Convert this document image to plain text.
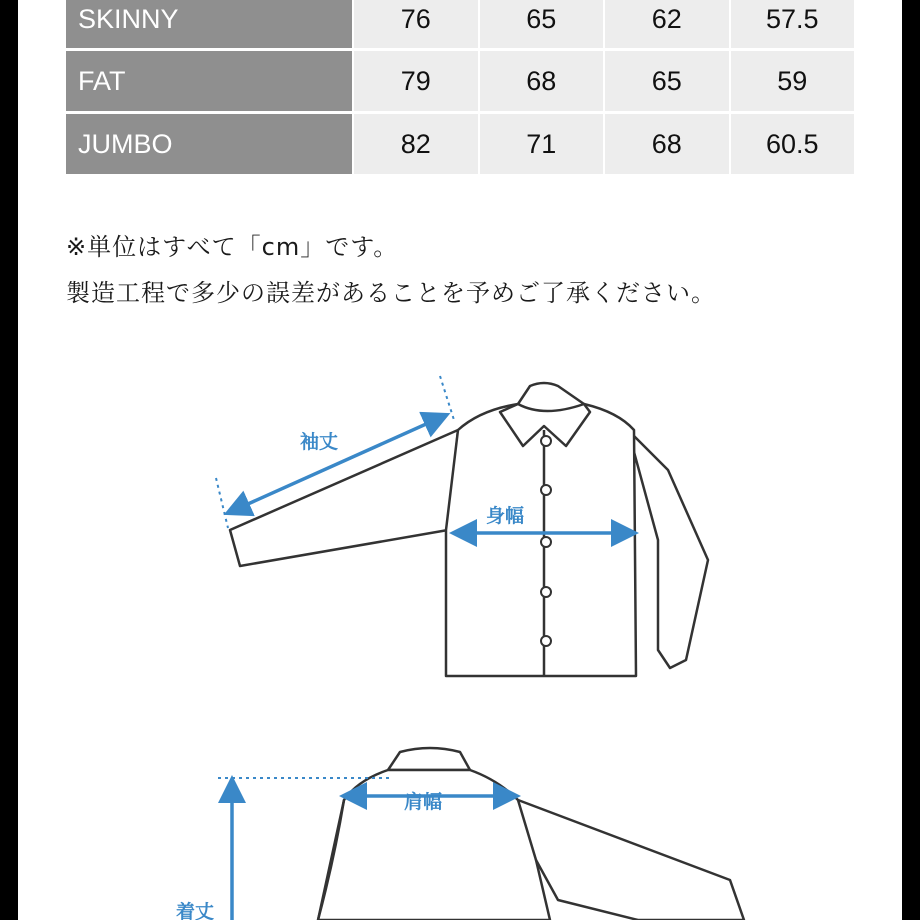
SKINNY	76	65	62	57.5
FAT	79	68	65	59
JUMBO	82	71	68	60.5
※単位はすべて「cm」です。
製造工程で多少の誤差があることを予めご了承ください。
袖丈
身幅
肩幅
着丈
